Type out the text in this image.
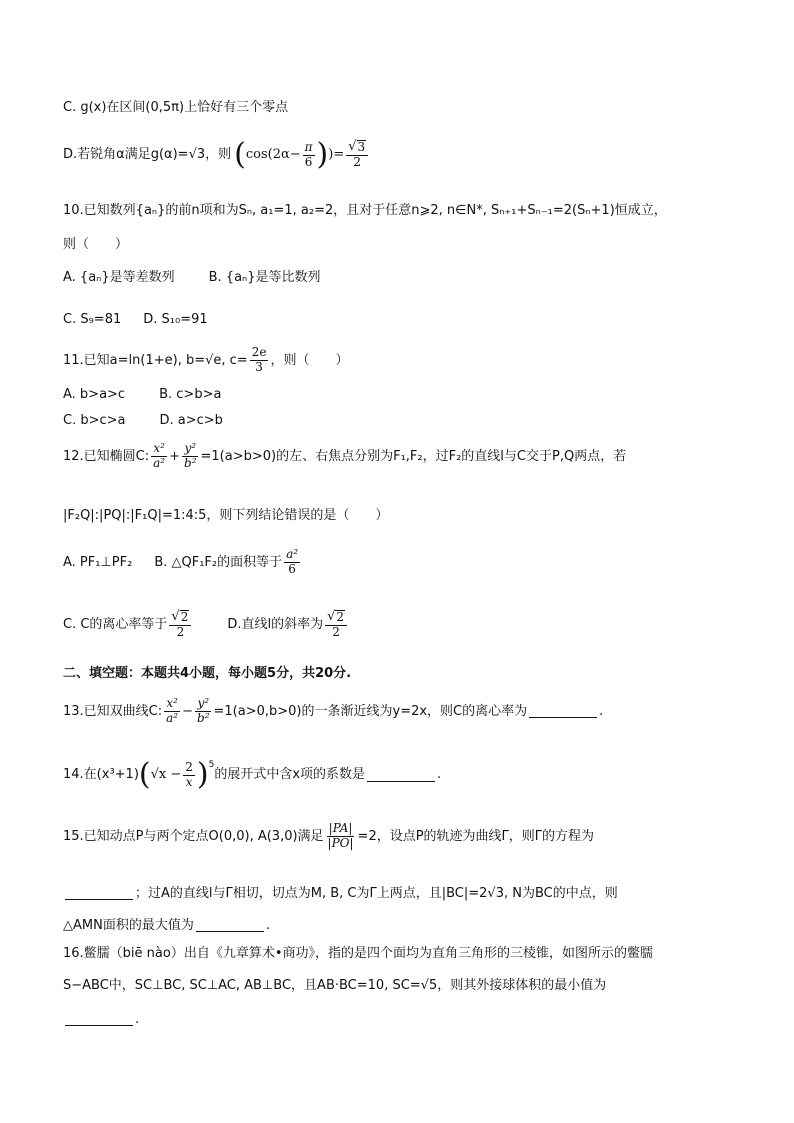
C. g(x)在区间(0,5π)上恰好有三个零点
D.若锐角α满足g(α)=√3，则 ( $\cos(2\alpha- \frac{\pi}{6}$ ) )= $\frac{√ 3}{2}$
10.已知数列{aₙ}的前n项和为Sₙ, a₁=1, a₂=2，且对于任意n⩾2, n∈N*, Sₙ₊₁+Sₙ₋₁=2(Sₙ+1)恒成立，
则（　　）
A. {aₙ}是等差数列	B. {aₙ}是等比数列
C. S₉=81 D. S₁₀=91
11.已知a=ln(1+e), b=√e, $c= \frac{2e}{3}$ ，则（　　）
A. b>a>c	B. c>b>a
C. b>c>a	D. a>c>b
12.已知椭圆C: $\frac{\text{x²}}{\text{a²}} + \frac{\text{y²}}{\text{b²}} =1(a>b>0)$的左、右焦点分别为F₁,F₂，过F₂的直线l与C交于P,Q两点，若
|F₂Q|:|PQ|:|F₁Q|=1:4:5，则下列结论错误的是（　　）
A. PF₁⊥PF₂ B. △QF₁F₂的面积等于 $\frac{\text{a²}}{6}$
C. C的离心率等于 $\frac{√ 2}{2}$	D.直线l的斜率为 $\frac{√ 2}{2}$
二、填空题：本题共4小题，每小题5分，共20分.
13.已知双曲线C: $\frac{\text{x²}}{\text{a²}} - \frac{\text{y²}}{\text{b²}} =1(a>0,b>0)$的一条渐近线为y=2x，则C的离心率为	.
14.在(x³+1) ( $√x - \frac{2}{x} )^5$
的展开式中含x项的系数是	.
15.已知动点P与两个定点O(0,0), A(3,0)满足 $\frac{|PA|}{|PO|} =2$，设点P的轨迹为曲线Γ，则Γ的方程为
；过A的直线l与Γ相切，切点为M, B, C为Γ上两点，且|BC|=2√3, N为BC的中点，则
△AMN面积的最大值为	.
16.鳖臑（biē nào）出自《九章算术•商功》，指的是四个面均为直角三角形的三棱锥，如图所示的鳖臑
S−ABC中，SC⊥BC, SC⊥AC, AB⊥BC，且AB·BC=10, SC=√5，则其外接球体积的最小值为
.
